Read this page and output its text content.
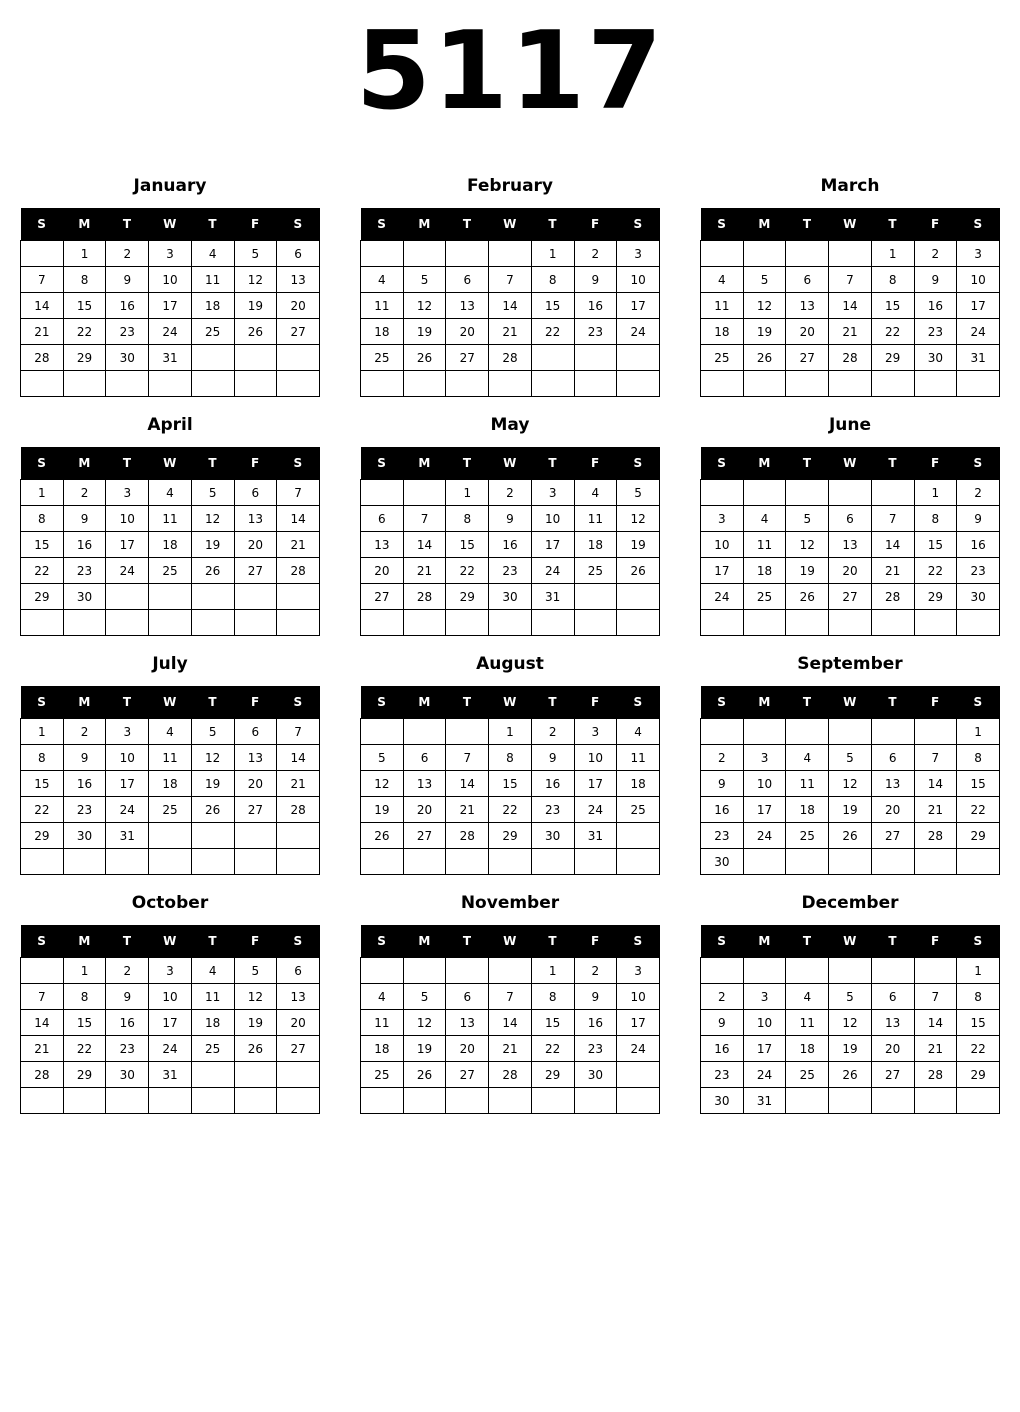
5117
January
S	M	T	W	T	F	S
	1	2	3	4	5	6
7	8	9	10	11	12	13
14	15	16	17	18	19	20
21	22	23	24	25	26	27
28	29	30	31			

February
S	M	T	W	T	F	S
				1	2	3
4	5	6	7	8	9	10
11	12	13	14	15	16	17
18	19	20	21	22	23	24
25	26	27	28			

March
S	M	T	W	T	F	S
				1	2	3
4	5	6	7	8	9	10
11	12	13	14	15	16	17
18	19	20	21	22	23	24
25	26	27	28	29	30	31

April
S	M	T	W	T	F	S
1	2	3	4	5	6	7
8	9	10	11	12	13	14
15	16	17	18	19	20	21
22	23	24	25	26	27	28
29	30					

May
S	M	T	W	T	F	S
		1	2	3	4	5
6	7	8	9	10	11	12
13	14	15	16	17	18	19
20	21	22	23	24	25	26
27	28	29	30	31		

June
S	M	T	W	T	F	S
					1	2
3	4	5	6	7	8	9
10	11	12	13	14	15	16
17	18	19	20	21	22	23
24	25	26	27	28	29	30

July
S	M	T	W	T	F	S
1	2	3	4	5	6	7
8	9	10	11	12	13	14
15	16	17	18	19	20	21
22	23	24	25	26	27	28
29	30	31				

August
S	M	T	W	T	F	S
			1	2	3	4
5	6	7	8	9	10	11
12	13	14	15	16	17	18
19	20	21	22	23	24	25
26	27	28	29	30	31	

September
S	M	T	W	T	F	S
						1
2	3	4	5	6	7	8
9	10	11	12	13	14	15
16	17	18	19	20	21	22
23	24	25	26	27	28	29
30						
October
S	M	T	W	T	F	S
	1	2	3	4	5	6
7	8	9	10	11	12	13
14	15	16	17	18	19	20
21	22	23	24	25	26	27
28	29	30	31			

November
S	M	T	W	T	F	S
				1	2	3
4	5	6	7	8	9	10
11	12	13	14	15	16	17
18	19	20	21	22	23	24
25	26	27	28	29	30	

December
S	M	T	W	T	F	S
						1
2	3	4	5	6	7	8
9	10	11	12	13	14	15
16	17	18	19	20	21	22
23	24	25	26	27	28	29
30	31					
